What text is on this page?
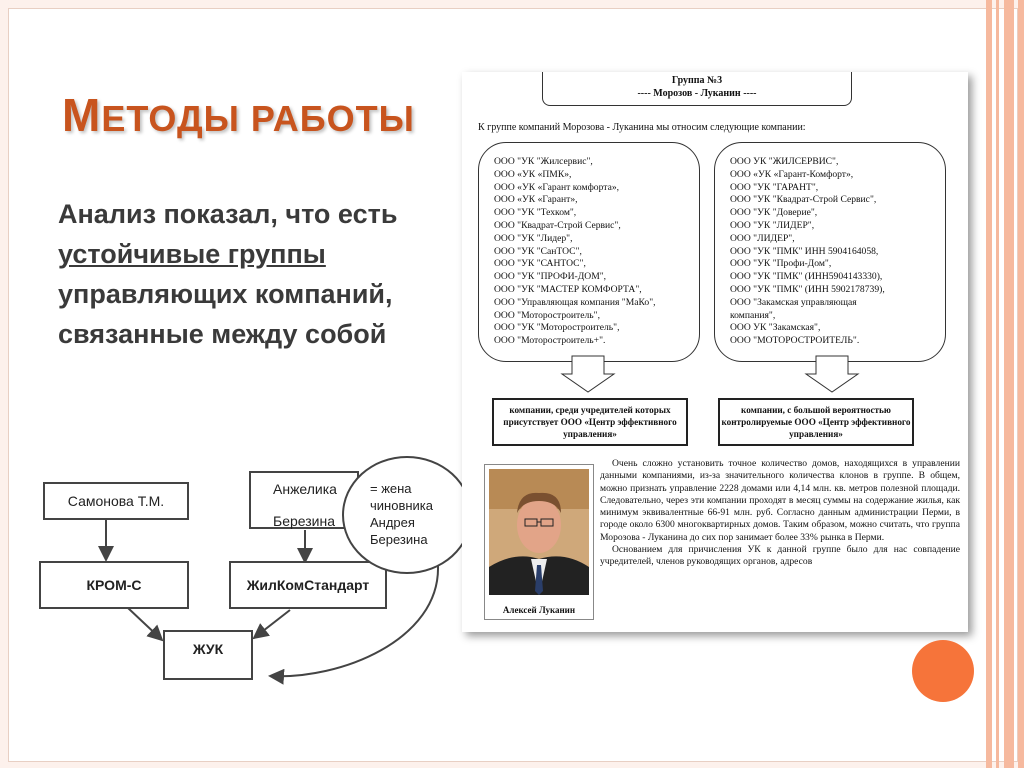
МЕТОДЫ РАБОТЫ
Анализ показал, что есть устойчивые группы управляющих компаний, связанные между собой
Самонова Т.М.
Анжелика
Березина
КРОМ-С	ЖилКомСтандарт
ЖУК
= жена чиновника Андрея Березина
Группа №3
---- Морозов - Луканин ----
К группе компаний Морозова - Луканина мы относим следующие компании:
ООО "УК "Жилсервис",
ООО «УК «ПМК»,
ООО «УК «Гарант комфорта»,
ООО «УК «Гарант»,
ООО "УК "Техком",
ООО "Квадрат-Строй Сервис",
ООО "УК "Лидер",
ООО "УК "СанТОС",
ООО "УК "САНТОС",
ООО "УК "ПРОФИ-ДОМ",
ООО "УК "МАСТЕР КОМФОРТА",
ООО "Управляющая компания "МаКо",
ООО "Моторостроитель",
ООО "УК "Моторостроитель",
ООО "Моторостроитель+".
ООО УК "ЖИЛСЕРВИС",
ООО «УК «Гарант-Комфорт»,
ООО "УК "ГАРАНТ",
ООО "УК "Квадрат-Строй Сервис",
ООО "УК "Доверие",
ООО "УК "ЛИДЕР",
ООО "ЛИДЕР",
ООО "УК "ПМК" ИНН 5904164058,
ООО "УК "Профи-Дом",
ООО "УК "ПМК" (ИНН5904143330),
ООО "УК "ПМК" (ИНН 5902178739),
ООО "Закамская управляющая
компания",
ООО УК "Закамская",
ООО "МОТОРОСТРОИТЕЛЬ".
компании, среди учредителей которых присутствует ООО «Центр эффективного управления»
компании, с большой вероятностью контролируемые ООО «Центр эффективного управления»
Алексей Луканин

Очень сложно установить точное количество домов, находящихся в управлении данными компаниями, из-за значительного количества клонов в группе. В общем, можно признать управление 2228 домами или 4,14 млн. кв. метров полезной площади. Следовательно, через эти компании проходят в месяц суммы на содержание жилья, как минимум эквивалентные 66-91 млн. руб. Согласно данным администрации Перми, в городе около 6300 многоквартирных домов. Таким образом, можно считать, что группа Морозова - Луканина до сих пор занимает более 33% рынка в Перми.

Основанием для причисления УК к данной группе было для нас совпадение учредителей, членов руководящих органов, адресов
